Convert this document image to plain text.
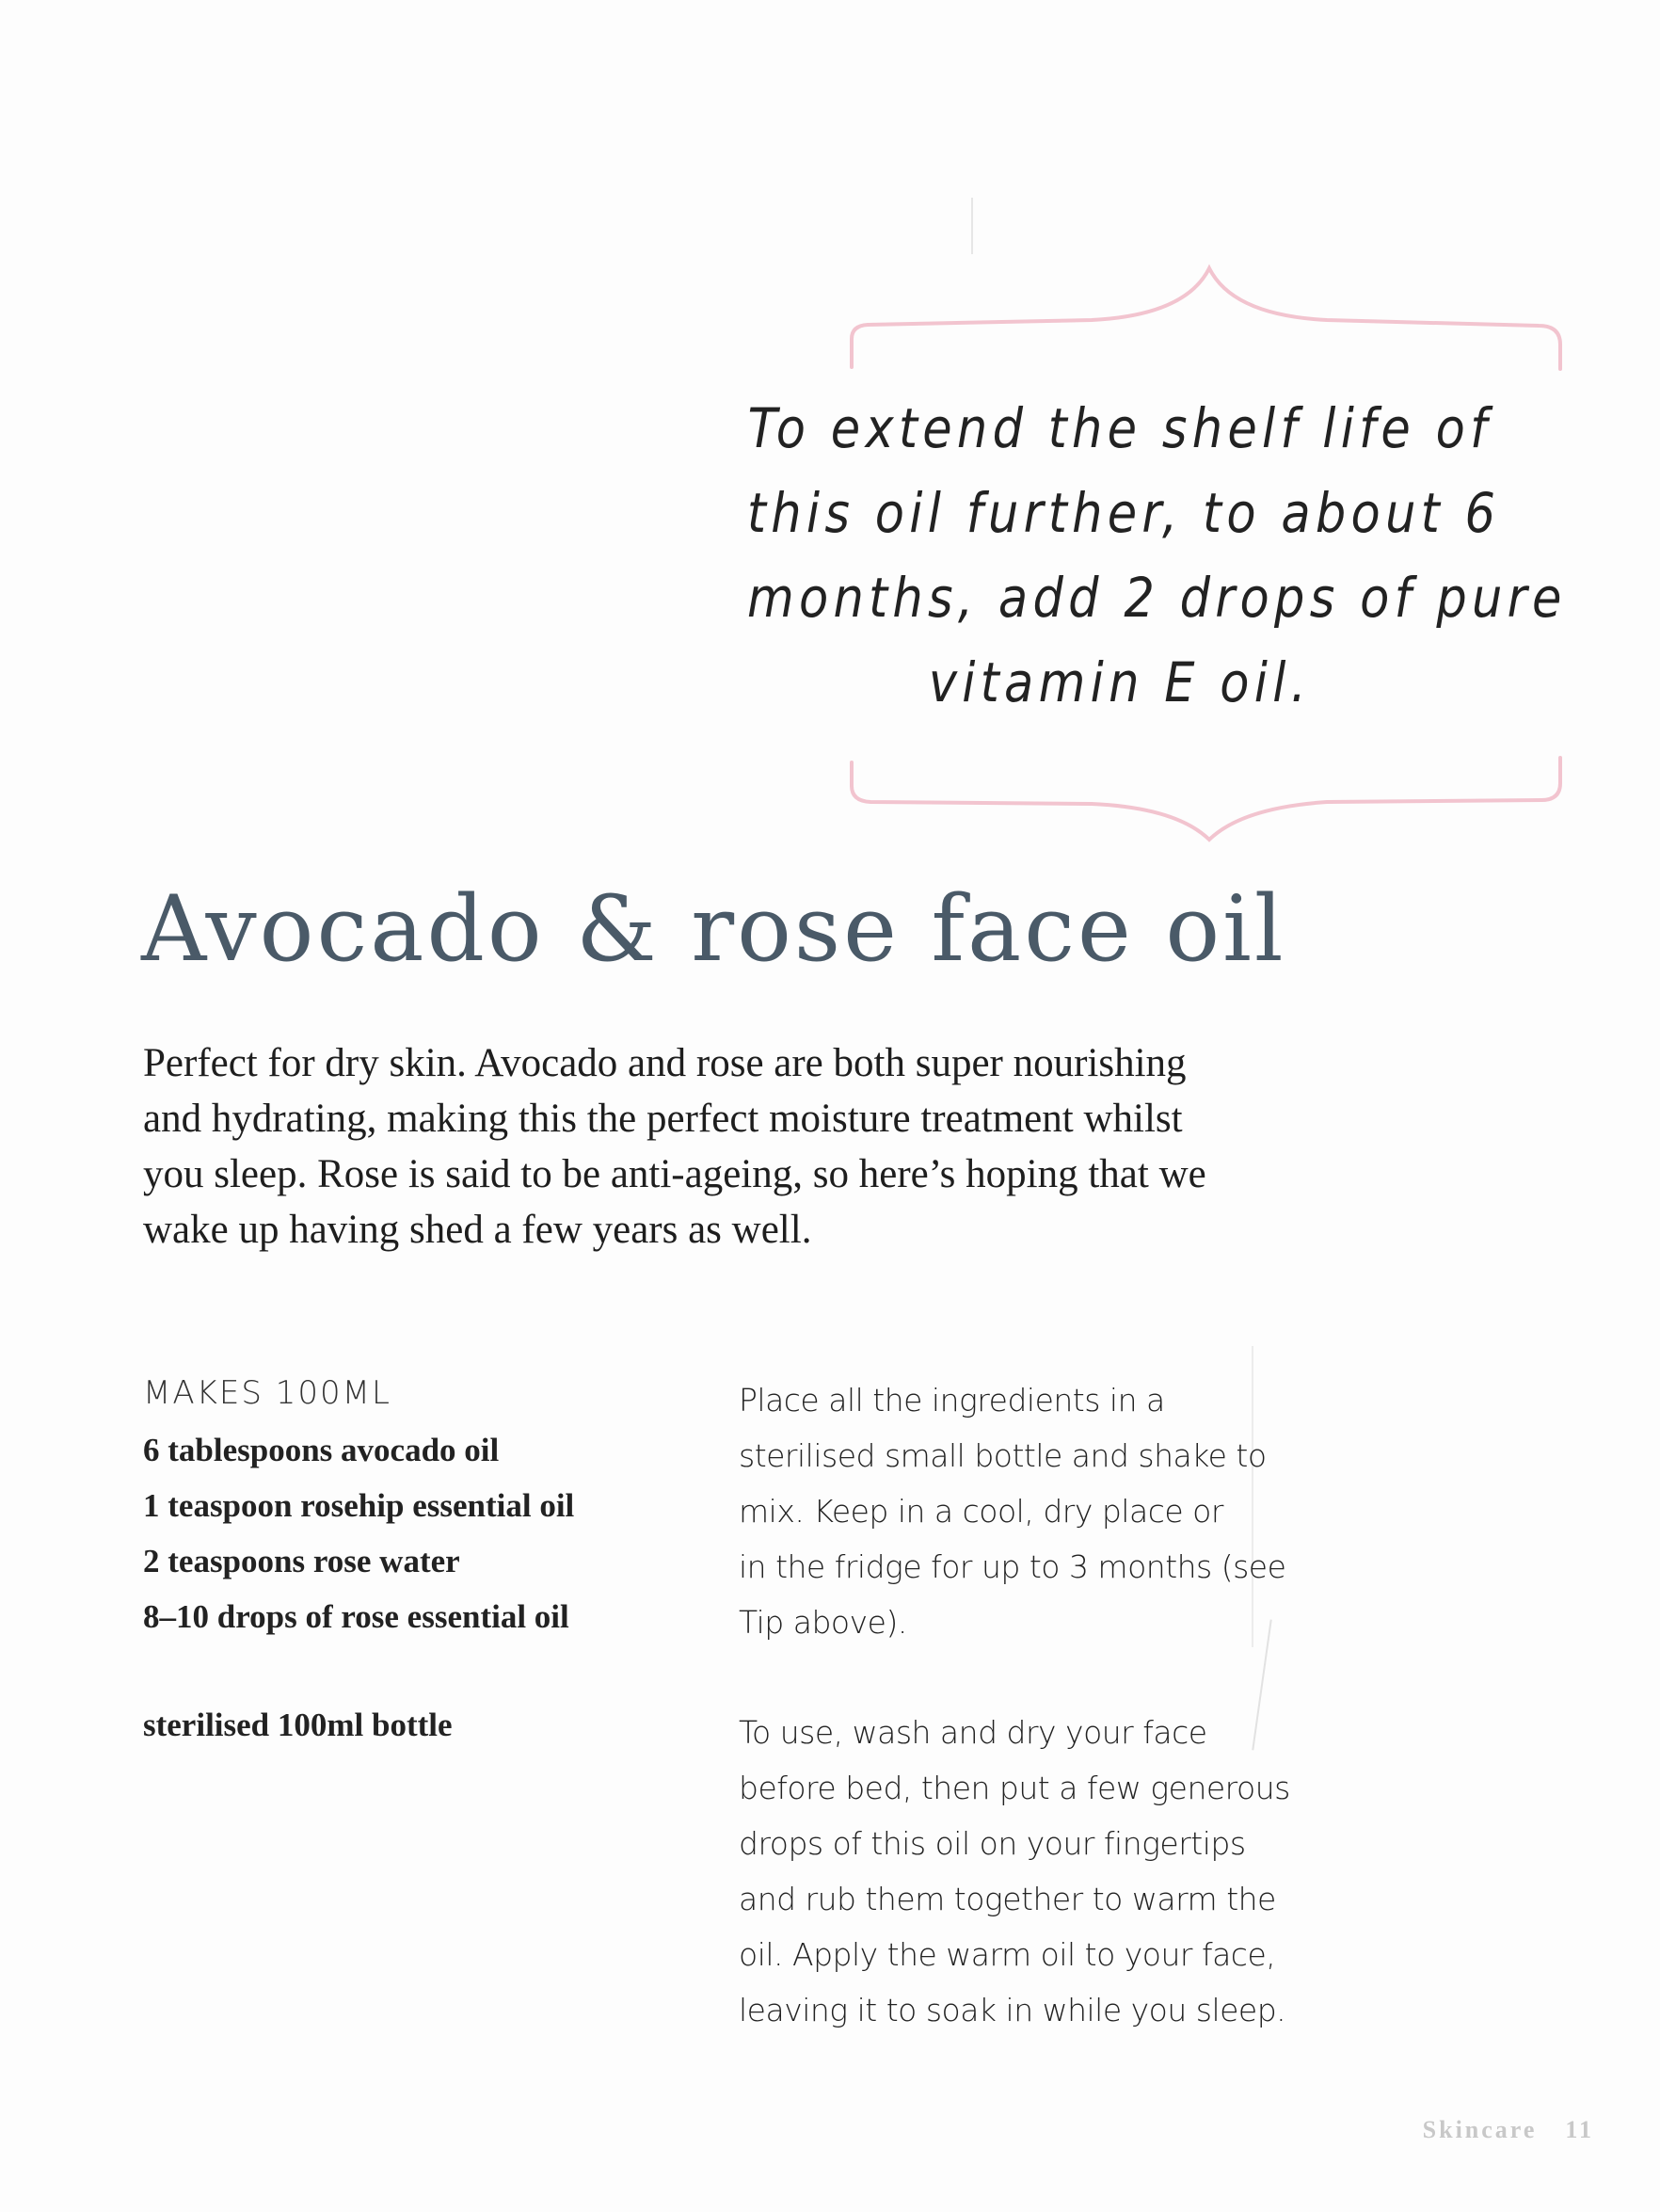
To extend the shelf life of
this oil further, to about 6
months, add 2 drops of pure
vitamin E oil.
Avocado & rose face oil

Perfect for dry skin. Avocado and rose are both super nourishing
and hydrating, making this the perfect moisture treatment whilst
you sleep. Rose is said to be anti-ageing, so here’s hoping that we
wake up having shed a few years as well.

MAKES 100ML
6 tablespoons avocado oil
1 teaspoon rosehip essential oil
2 teaspoons rose water
8–10 drops of rose essential oil
sterilised 100ml bottle

Place all the ingredients in a
sterilised small bottle and shake to
mix. Keep in a cool, dry place or
in the fridge for up to 3 months (see
Tip above).

To use, wash and dry your face
before bed, then put a few generous
drops of this oil on your fingertips
and rub them together to warm the
oil. Apply the warm oil to your face,
leaving it to soak in while you sleep.

Skincare 11
